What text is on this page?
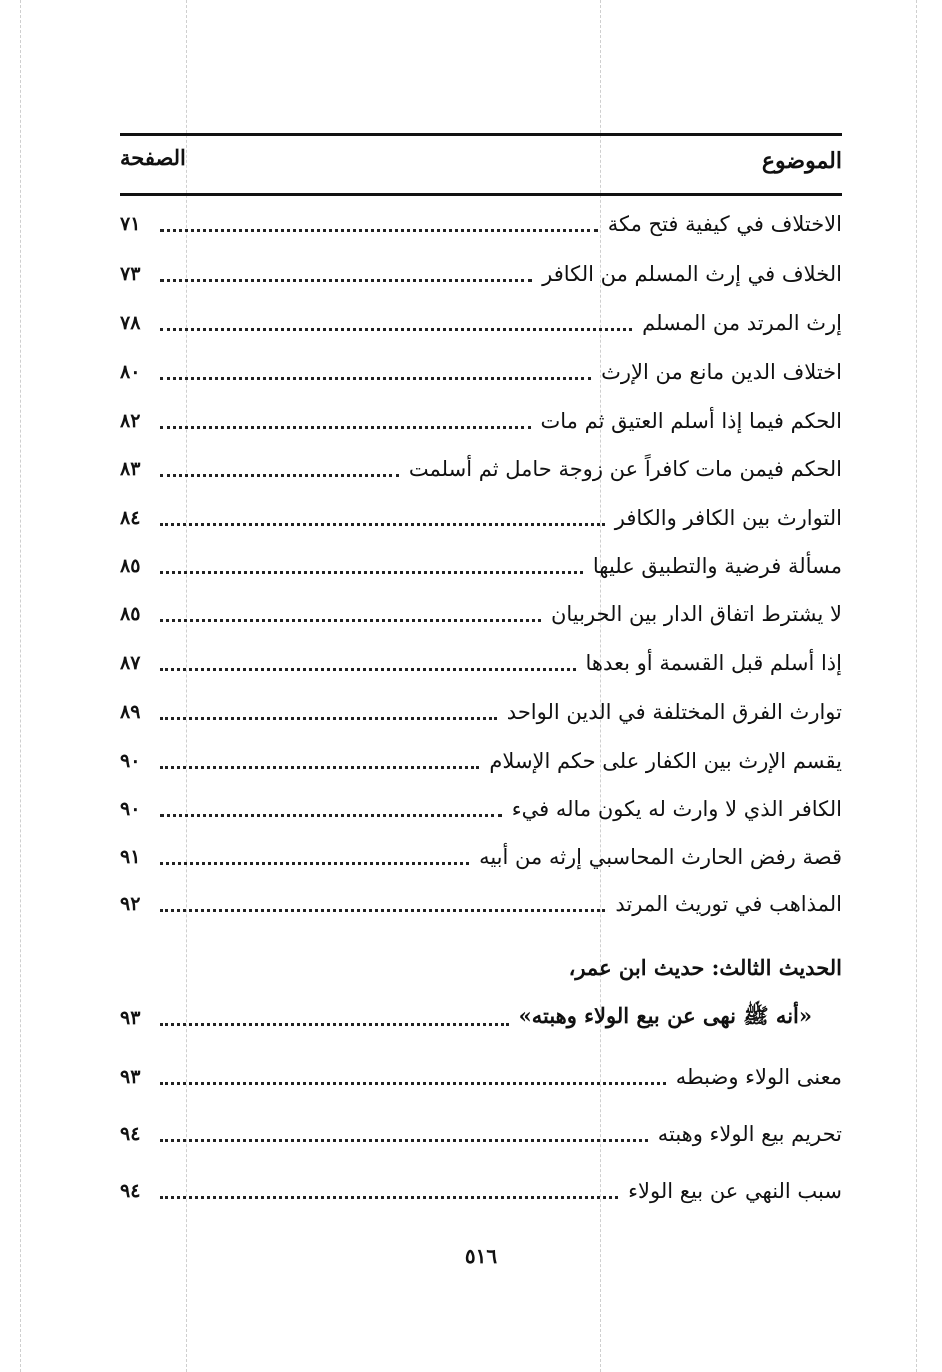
الموضوع
الصفحة
الاختلاف في كيفية فتح مكة
٧١
الخلاف في إرث المسلم من الكافر
٧٣
إرث المرتد من المسلم
٧٨
اختلاف الدين مانع من الإرث
٨٠
الحكم فيما إذا أسلم العتيق ثم مات
٨٢
الحكم فيمن مات كافراً عن زوجة حامل ثم أسلمت
٨٣
التوارث بين الكافر والكافر
٨٤
مسألة فرضية والتطبيق عليها
٨٥
لا يشترط اتفاق الدار بين الحربيان
٨٥
إذا أسلم قبل القسمة أو بعدها
٨٧
توارث الفرق المختلفة في الدين الواحد
٨٩
يقسم الإرث بين الكفار على حكم الإسلام
٩٠
الكافر الذي لا وارث له يكون ماله فيء
٩٠
قصة رفض الحارث المحاسبي إرثه من أبيه
٩١
المذاهب في توريث المرتد
٩٢
الحديث الثالث: حديث ابن عمر،
«أنه ﷺ نهى عن بيع الولاء وهبته»
٩٣
معنى الولاء وضبطه
٩٣
تحريم بيع الولاء وهبته
٩٤
سبب النهي عن بيع الولاء
٩٤
٥١٦
